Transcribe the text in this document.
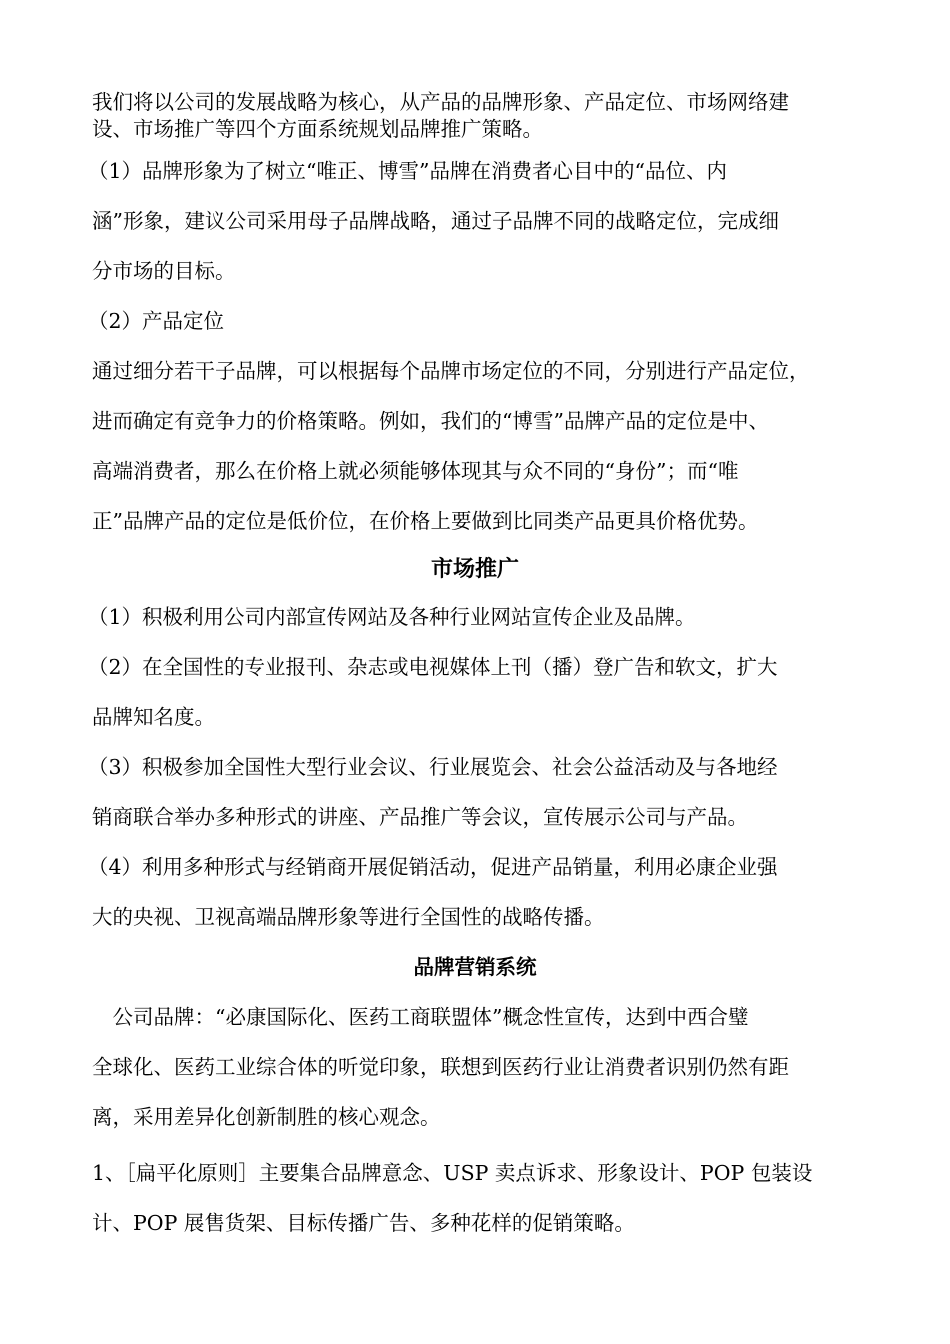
我们将以公司的发展战略为核心，从产品的品牌形象、产品定位、市场网络建

设、市场推广等四个方面系统规划品牌推广策略。

（1）品牌形象为了树立“唯正、博雪”品牌在消费者心目中的“品位、内

涵”形象，建议公司采用母子品牌战略，通过子品牌不同的战略定位，完成细

分市场的目标。

（2）产品定位

通过细分若干子品牌，可以根据每个品牌市场定位的不同，分别进行产品定位，

进而确定有竞争力的价格策略。例如，我们的“博雪”品牌产品的定位是中、

高端消费者，那么在价格上就必须能够体现其与众不同的“身份”；而“唯

正”品牌产品的定位是低价位，在价格上要做到比同类产品更具价格优势。

市场推广

（1）积极利用公司内部宣传网站及各种行业网站宣传企业及品牌。

（2）在全国性的专业报刊、杂志或电视媒体上刊（播）登广告和软文，扩大

品牌知名度。

（3）积极参加全国性大型行业会议、行业展览会、社会公益活动及与各地经

销商联合举办多种形式的讲座、产品推广等会议，宣传展示公司与产品。

（4）利用多种形式与经销商开展促销活动，促进产品销量，利用必康企业强

大的央视、卫视高端品牌形象等进行全国性的战略传播。

品牌营销系统

　公司品牌：“必康国际化、医药工商联盟体”概念性宣传，达到中西合璧

全球化、医药工业综合体的听觉印象，联想到医药行业让消费者识别仍然有距

离，采用差异化创新制胜的核心观念。

1、［扁平化原则］主要集合品牌意念、USP 卖点诉求、形象设计、POP 包装设

计、POP 展售货架、目标传播广告、多种花样的促销策略。
